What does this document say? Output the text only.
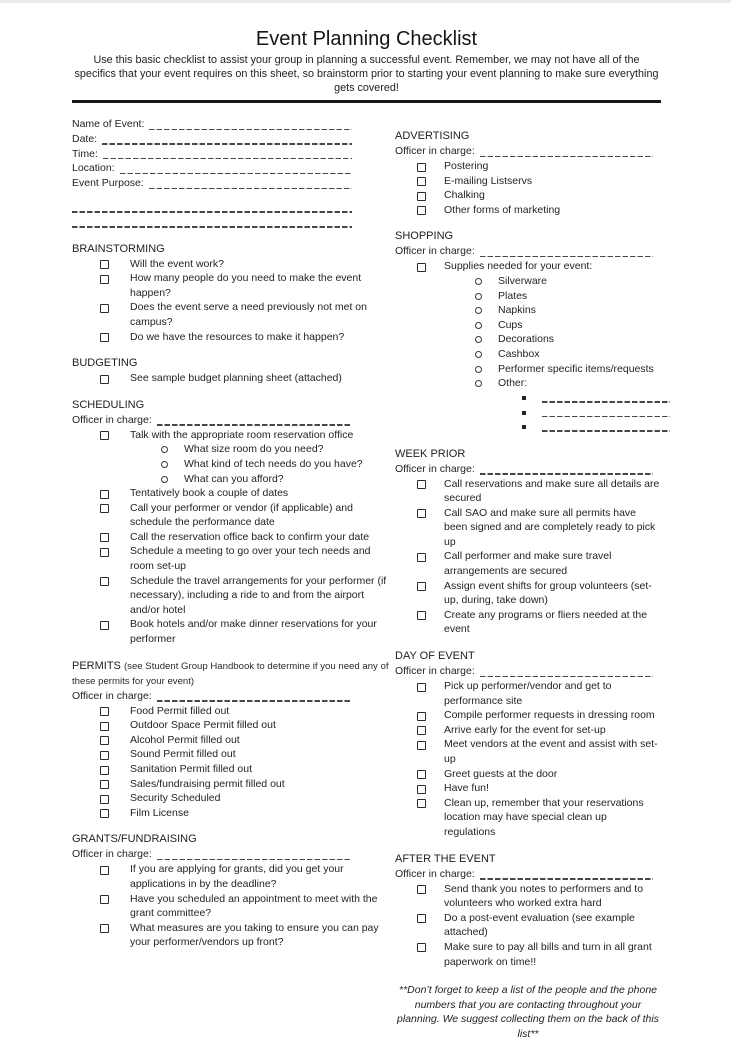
Event Planning Checklist
Use this basic checklist to assist your group in planning a successful event. Remember, we may not have all of the specifics that your event requires on this sheet, so brainstorm prior to starting your event planning to make sure everything gets covered!
Name of Event:
Date:
Time:
Location:
Event Purpose:
BRAINSTORMING
Will the event work?
How many people do you need to make the event happen?
Does the event serve a need previously not met on campus?
Do we have the resources to make it happen?
BUDGETING
See sample budget planning sheet (attached)
SCHEDULING
Officer in charge:
Talk with the appropriate room reservation office
What size room do you need?
What kind of tech needs do you have?
What can you afford?
Tentatively book a couple of dates
Call your performer or vendor (if applicable) and schedule the performance date
Call the reservation office back to confirm your date
Schedule a meeting to go over your tech needs and room set-up
Schedule the travel arrangements for your performer (if necessary), including a ride to and from the airport and/or hotel
Book hotels and/or make dinner reservations for your performer
PERMITS (see Student Group Handbook to determine if you need any of these permits for your event)
Officer in charge:
Food Permit filled out
Outdoor Space Permit filled out
Alcohol Permit filled out
Sound Permit filled out
Sanitation Permit filled out
Sales/fundraising permit filled out
Security Scheduled
Film License
GRANTS/FUNDRAISING
Officer in charge:
If you are applying for grants, did you get your applications in by the deadline?
Have you scheduled an appointment to meet with the grant committee?
What measures are you taking to ensure you can pay your performer/vendors up front?
ADVERTISING
Officer in charge:
Postering
E-mailing Listservs
Chalking
Other forms of marketing
SHOPPING
Officer in charge:
Supplies needed for your event:
Silverware
Plates
Napkins
Cups
Decorations
Cashbox
Performer specific items/requests
Other:
WEEK PRIOR
Officer in charge:
Call reservations and make sure all details are secured
Call SAO and make sure all permits have been signed and are completely ready to pick up
Call performer and make sure travel arrangements are secured
Assign event shifts for group volunteers (set-up, during, take down)
Create any programs or fliers needed at the event
DAY OF EVENT
Officer in charge:
Pick up performer/vendor and get to performance site
Compile performer requests in dressing room
Arrive early for the event for set-up
Meet vendors at the event and assist with set-up
Greet guests at the door
Have fun!
Clean up, remember that your reservations location may have special clean up regulations
AFTER THE EVENT
Officer in charge:
Send thank you notes to performers and to volunteers who worked extra hard
Do a post-event evaluation (see example attached)
Make sure to pay all bills and turn in all grant paperwork on time!!
**Don’t forget to keep a list of the people and the phone numbers that you are contacting throughout your planning. We suggest collecting them on the back of this list**
